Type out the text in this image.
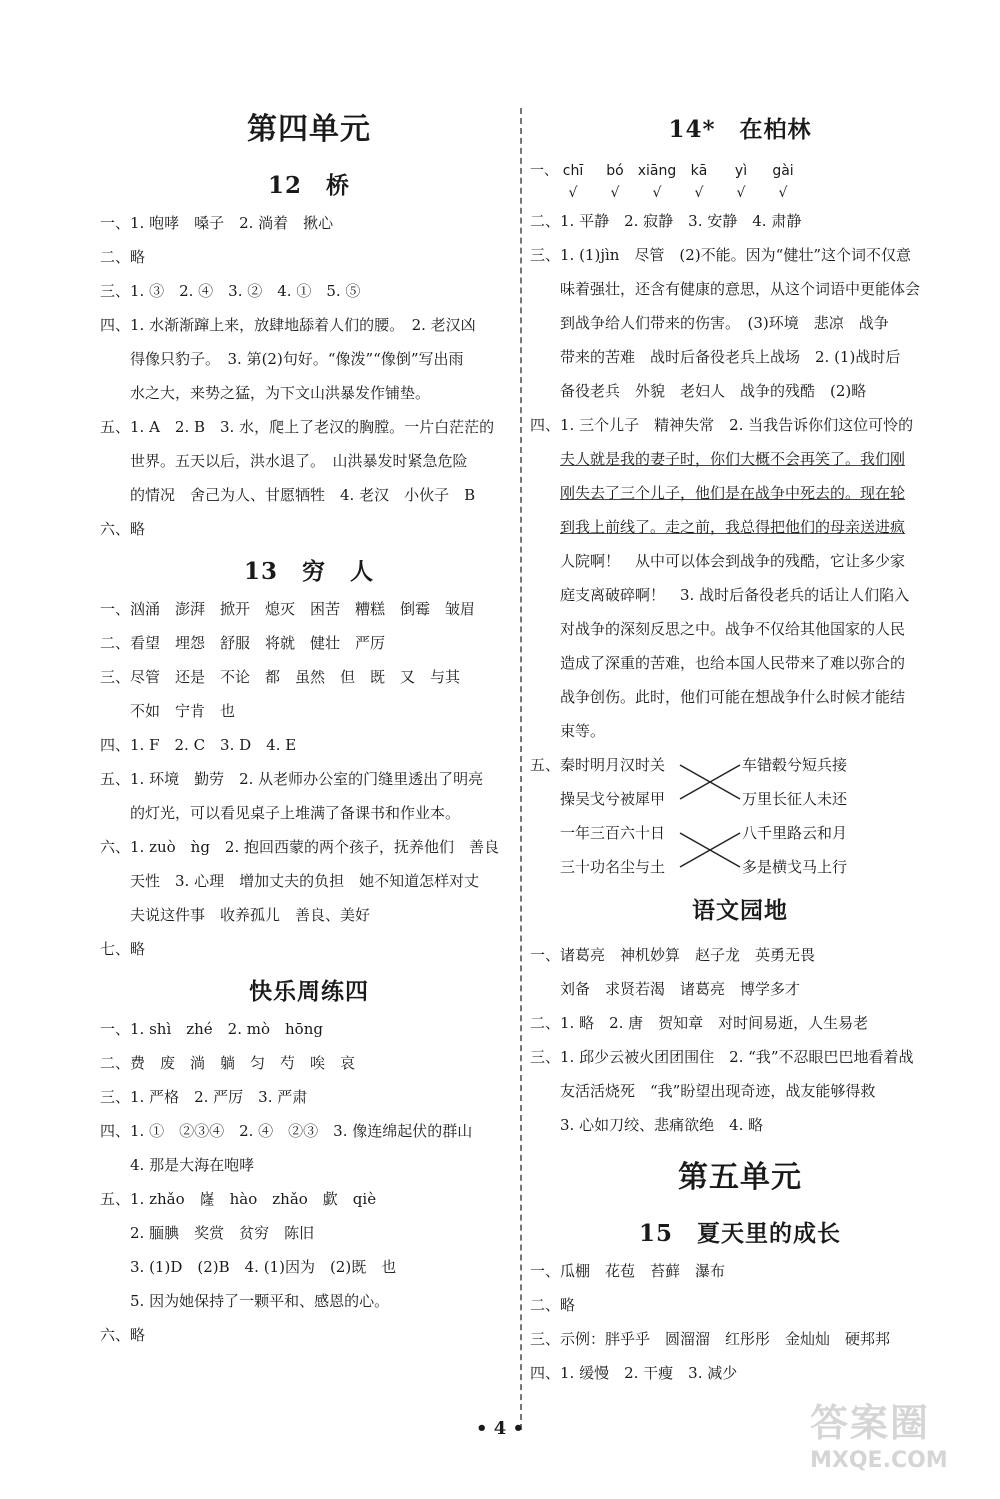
第四单元
12　桥
一、1. 咆哮　嗓子　2. 淌着　揪心
二、略
三、1. ③　2. ④　3. ②　4. ①　5. ⑤
四、1. 水渐渐蹿上来，放肆地舔着人们的腰。　2. 老汉凶
得像只豹子。　3. 第(2)句好。“像泼”“像倒”写出雨
水之大，来势之猛，为下文山洪暴发作铺垫。
五、1. A　2. B　3. 水，爬上了老汉的胸膛。一片白茫茫的
世界。五天以后，洪水退了。　山洪暴发时紧急危险
的情况　舍己为人、甘愿牺牲　4. 老汉　小伙子　B
六、略
13　穷　人
一、汹涌　澎湃　掀开　熄灭　困苦　糟糕　倒霉　皱眉
二、看望　埋怨　舒服　将就　健壮　严厉
三、尽管　还是　不论　都　虽然　但　既　又　与其
不如　宁肯　也
四、1. F　2. C　3. D　4. E
五、1. 环境　勤劳　2. 从老师办公室的门缝里透出了明亮
的灯光，可以看见桌子上堆满了备课书和作业本。
六、1. zuò　ǹg　2. 抱回西蒙的两个孩子，抚养他们　善良
天性　3. 心理　增加丈夫的负担　她不知道怎样对丈
夫说这件事　收养孤儿　善良、美好
七、略
快乐周练四
一、1. shì　zhé　2. mò　hōng
二、费　废　淌　躺　匀　芍　唉　哀
三、1. 严格　2. 严厉　3. 严肃
四、1. ①　②③④　2. ④　②③　3. 像连绵起伏的群山
4. 那是大海在咆哮
五、1. zhǎo　嶐　hào　zhǎo　歔　qiè
2. 腼腆　奖赏　贫穷　陈旧
3. (1)D　(2)B　4. (1)因为　(2)既　也
5. 因为她保持了一颗平和、感恩的心。
六、略
14*　在柏林
一、 chī bó xiāng kā yì gài
√ √ √ √ √ √
二、1. 平静　2. 寂静　3. 安静　4. 肃静
三、1. (1)jìn　尽管　(2)不能。因为“健壮”这个词不仅意
味着强壮，还含有健康的意思，从这个词语中更能体会
到战争给人们带来的伤害。　(3)环境　悲凉　战争
带来的苦难　战时后备役老兵上战场　2. (1)战时后
备役老兵　外貌　老妇人　战争的残酷　(2)略
四、1. 三个儿子　精神失常　2. 当我告诉你们这位可怜的
夫人就是我的妻子时，你们大概不会再笑了。我们刚
刚失去了三个儿子，他们是在战争中死去的。现在轮
到我上前线了。走之前，我总得把他们的母亲送进疯
人院啊！　从中可以体会到战争的残酷，它让多少家
庭支离破碎啊！　3. 战时后备役老兵的话让人们陷入
对战争的深刻反思之中。战争不仅给其他国家的人民
造成了深重的苦难，也给本国人民带来了难以弥合的
战争创伤。此时，他们可能在想战争什么时候才能结
束等。
五、秦时明月汉时关
操吴戈兮被犀甲
一年三百六十日
三十功名尘与土
车错毂兮短兵接
万里长征人未还
八千里路云和月
多是横戈马上行
语文园地
一、诸葛亮　神机妙算　赵子龙　英勇无畏
刘备　求贤若渴　诸葛亮　博学多才
二、1. 略　2. 唐　贺知章　对时间易逝，人生易老
三、1. 邱少云被火团团围住　2. “我”不忍眼巴巴地看着战
友活活烧死　“我”盼望出现奇迹，战友能够得救
3. 心如刀绞、悲痛欲绝　4. 略
第五单元
15　夏天里的成长
一、瓜棚　花苞　苔藓　瀑布
二、略
三、示例：胖乎乎　圆溜溜　红彤彤　金灿灿　硬邦邦
四、1. 缓慢　2. 干瘦　3. 减少
• 4 •	答案圈
MXQE.COM
